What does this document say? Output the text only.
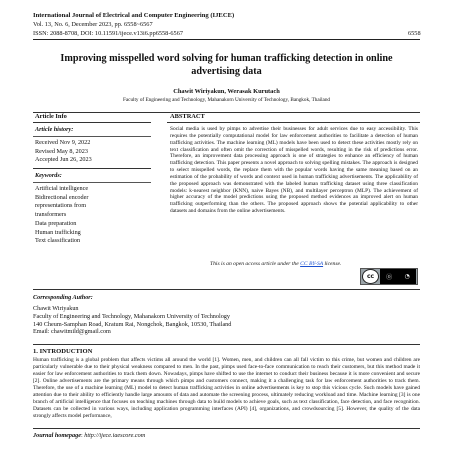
International Journal of Electrical and Computer Engineering (IJECE)
Vol. 13, No. 6, December 2023, pp. 6558~6567
ISSN: 2088-8708, DOI: 10.11591/ijece.v13i6.pp6558-6567	6558
Improving misspelled word solving for human trafficking detection in online advertising data
Chawit Wiriyakun, Werasak Kurutach
Faculty of Engineering and Technology, Mahanakorn University of Technology, Bangkok, Thailand
Article Info	ABSTRACT
Article history:
Received Nov 9, 2022
Revised May 8, 2023
Accepted Jun 26, 2023
Keywords:
Artificial intelligence
Bidirectional encoder
representations from
transformers
Data preparation
Human trafficking
Text classification
Social media is used by pimps to advertise their businesses for adult services due to easy accessibility. This requires the potentially computational model for law enforcement authorities to facilitate a detection of human trafficking activities. The machine learning (ML) models have been used to detect these activities mostly rely on text classification and often omit the correction of misspelled words, resulting in the risk of predictions error. Therefore, an improvement data processing approach is one of strategies to enhance an efficiency of human trafficking detection. This paper presents a novel approach to solving spelling mistakes. The approach is designed to select misspelled words, the replace them with the popular words having the same meaning based on an estimation of the probability of words and context used in human trafficking advertisements. The applicability of the proposed approach was demonstrated with the labeled human trafficking dataset using three classification models: k-nearest neighbor (KNN), naive Bayes (NB), and multilayer perceptron (MLP). The achievement of higher accuracy of the model predictions using the proposed method evidences an improved alert on human trafficking outperforming than the others. The proposed approach shows the potential applicability to other datasets and domains from the online advertisements.
This is an open access article under the CC BY-SA license.
cc	⓪ ◔
Corresponding Author:
Chawit Wiriyakun
Faculty of Engineering and Technology, Mahanakorn University of Technology
140 Cheum-Samphan Road, Kratum Rai, Nongchok, Bangkok, 10530, Thailand
Email: chawitmild@gmail.com
1. INTRODUCTION
Human trafficking is a global problem that affects victims all around the world [1]. Women, men, and children can all fall victim to this crime, but women and children are particularly vulnerable due to their physical weakness compared to men. In the past, pimps used face-to-face communication to reach their customers, but this method made it easier for law enforcement authorities to track them down. Nowadays, pimps have shifted to use the internet to conduct their business because it is more convenient and secure [2]. Online advertisements are the primary means through which pimps and customers connect, making it a challenging task for law enforcement authorities to track them. Therefore, the use of a machine learning (ML) model to detect human trafficking activities in online advertisements is key to stop this vicious cycle. Such models have gained attention due to their ability to efficiently handle large amounts of data and automate the screening process, ultimately reducing workload and time. Machine learning [3] is one branch of artificial intelligence that focuses on teaching machines through data to build models to achieve goals, such as text classification, face detection, and face recognition. Datasets can be collected in various ways, including application programming interfaces (API) [4], organizations, and crowdsourcing [5]. However, the quality of the data strongly affects model performance,
Journal homepage: http://ijece.iaescore.com
